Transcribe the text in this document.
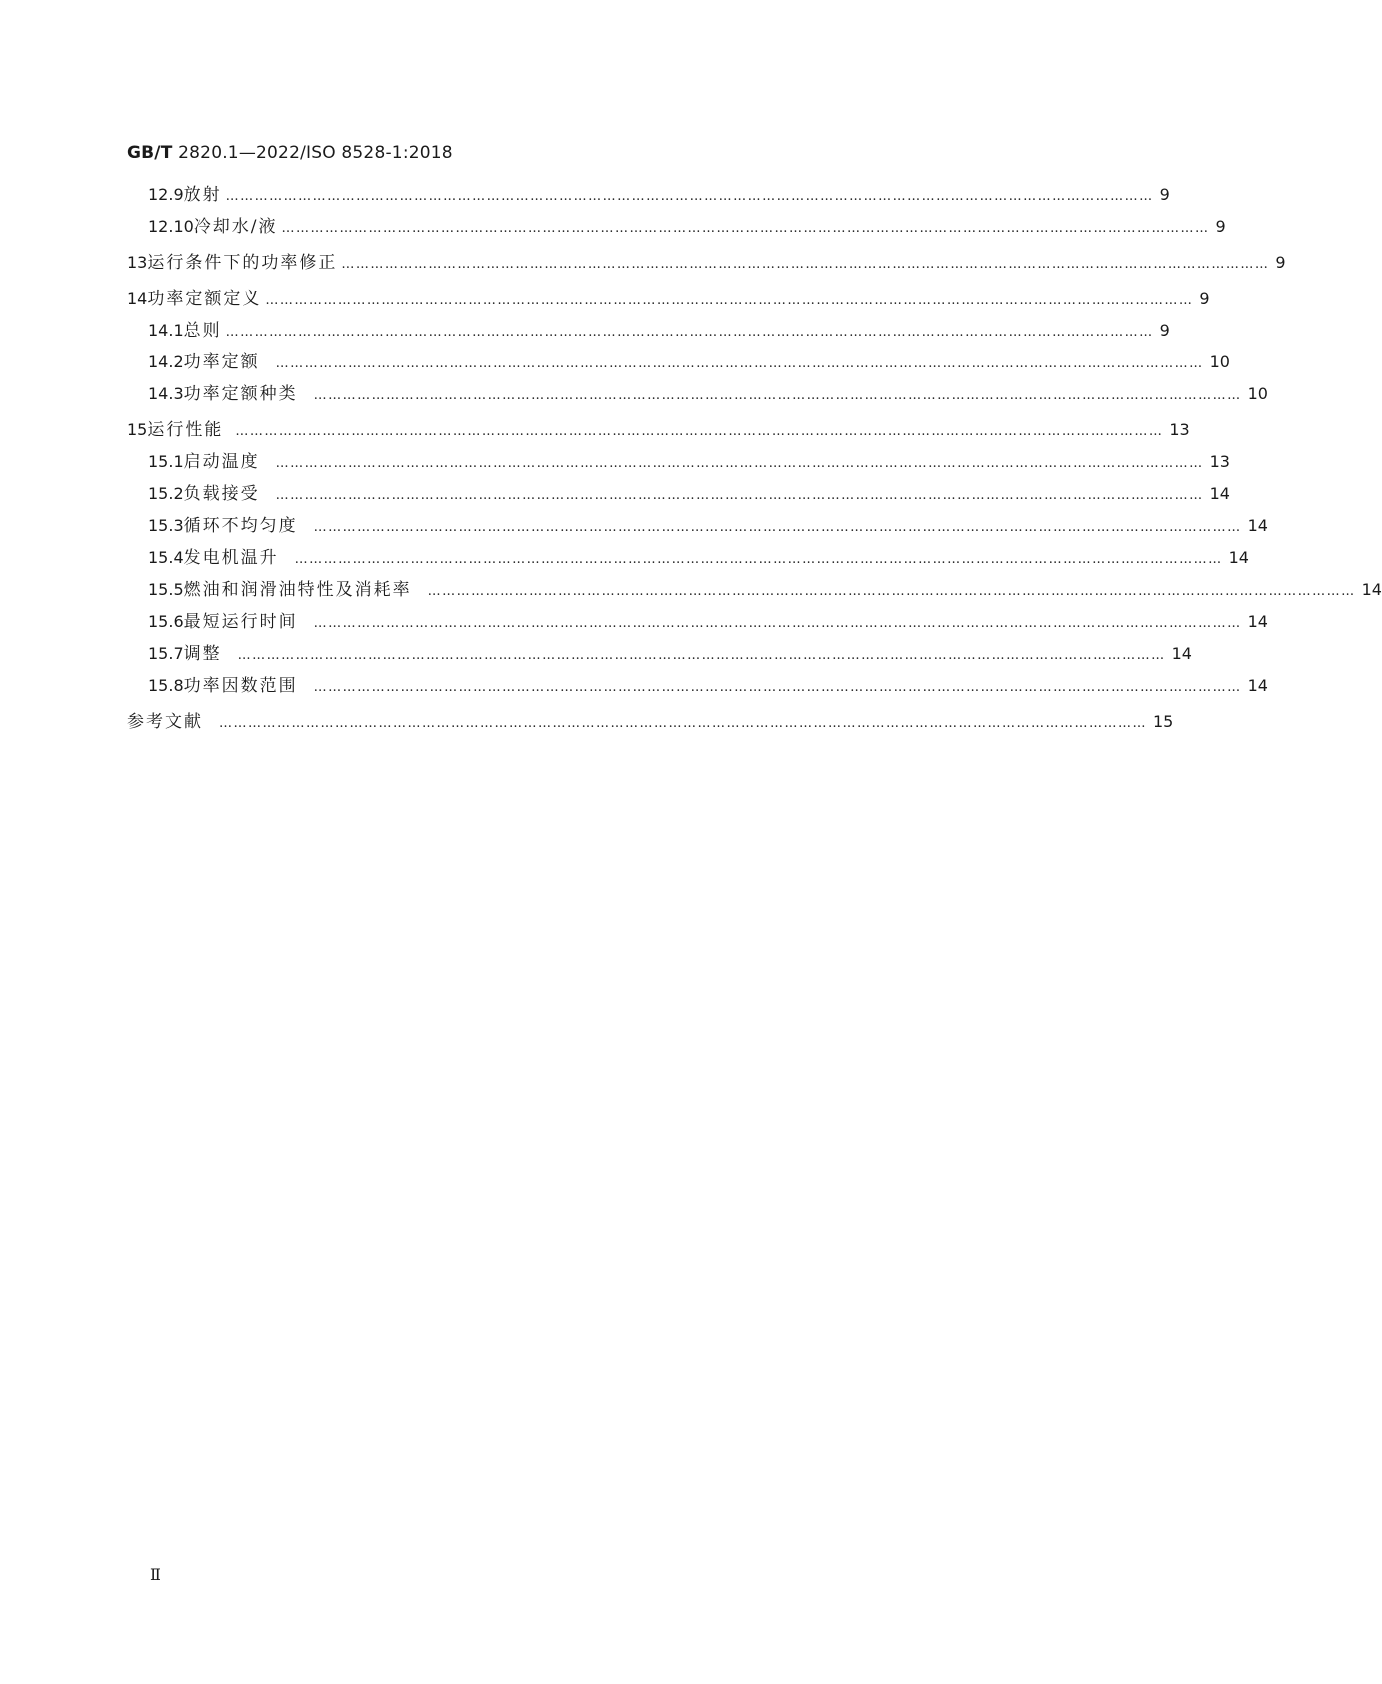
GB/T 2820.1—2022/ISO 8528-1:2018
12.9 放射 ………………………………………………………………………………………………………………………………………………………………………… 9
12.10 冷却水/液 ………………………………………………………………………………………………………………………………………………………………………… 9
13 运行条件下的功率修正 ………………………………………………………………………………………………………………………………………………………………………… 9
14 功率定额定义 ………………………………………………………………………………………………………………………………………………………………………… 9
14.1 总则 ………………………………………………………………………………………………………………………………………………………………………… 9
14.2 功率定额 ………………………………………………………………………………………………………………………………………………………………………… 10
14.3 功率定额种类 ………………………………………………………………………………………………………………………………………………………………………… 10
15 运行性能 ………………………………………………………………………………………………………………………………………………………………………… 13
15.1 启动温度 ………………………………………………………………………………………………………………………………………………………………………… 13
15.2 负载接受 ………………………………………………………………………………………………………………………………………………………………………… 14
15.3 循环不均匀度 ………………………………………………………………………………………………………………………………………………………………………… 14
15.4 发电机温升 ………………………………………………………………………………………………………………………………………………………………………… 14
15.5 燃油和润滑油特性及消耗率 ………………………………………………………………………………………………………………………………………………………………………… 14
15.6 最短运行时间 ………………………………………………………………………………………………………………………………………………………………………… 14
15.7 调整 ………………………………………………………………………………………………………………………………………………………………………… 14
15.8 功率因数范围 ………………………………………………………………………………………………………………………………………………………………………… 14
参考文献 ………………………………………………………………………………………………………………………………………………………………………… 15
Ⅱ
